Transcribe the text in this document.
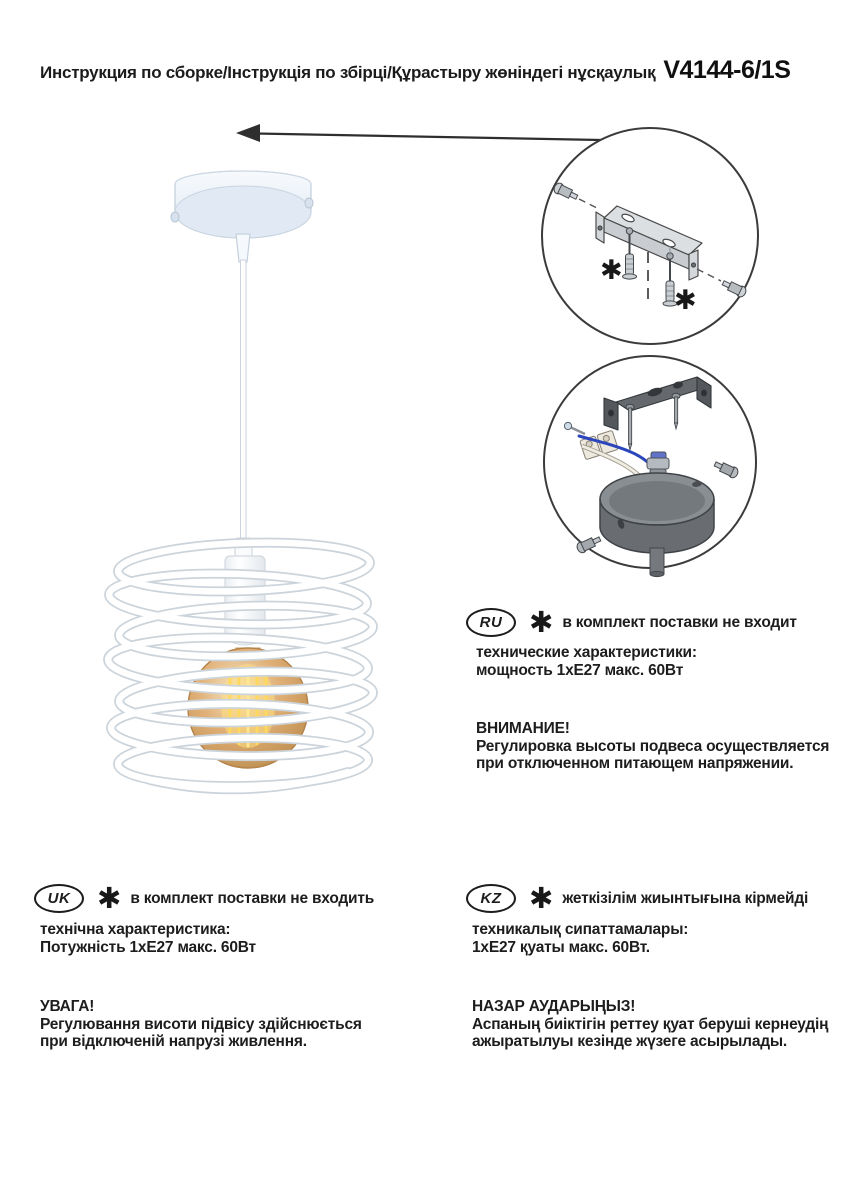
Инструкция по сборке/Інструкція по збірці/Құрастыру жөніндегі нұсқаулық V4144-6/1S
✱
✱
RU ✱ в комплект поставки не входит
технические характеристики:
мощность 1хЕ27 макс. 60Вт
ВНИМАНИЕ!
Регулировка высоты подвеса осуществляется
при отключенном питающем напряжении.
UK ✱ в комплект поставки не входить
технічна характеристика:
Потужність 1хЕ27 макс. 60Вт
УВАГА!
Регулювання висоти підвісу здійснюється
при відключеній напрузі живлення.
KZ ✱ жеткізілім жиынтығына кірмейді
техникалық сипаттамалары:
1хЕ27 қуаты макс. 60Вт.
НАЗАР АУДАРЫҢЫЗ!
Аспаның биіктігін реттеу қуат беруші кернеудің
ажыратылуы кезінде жүзеге асырылады.
